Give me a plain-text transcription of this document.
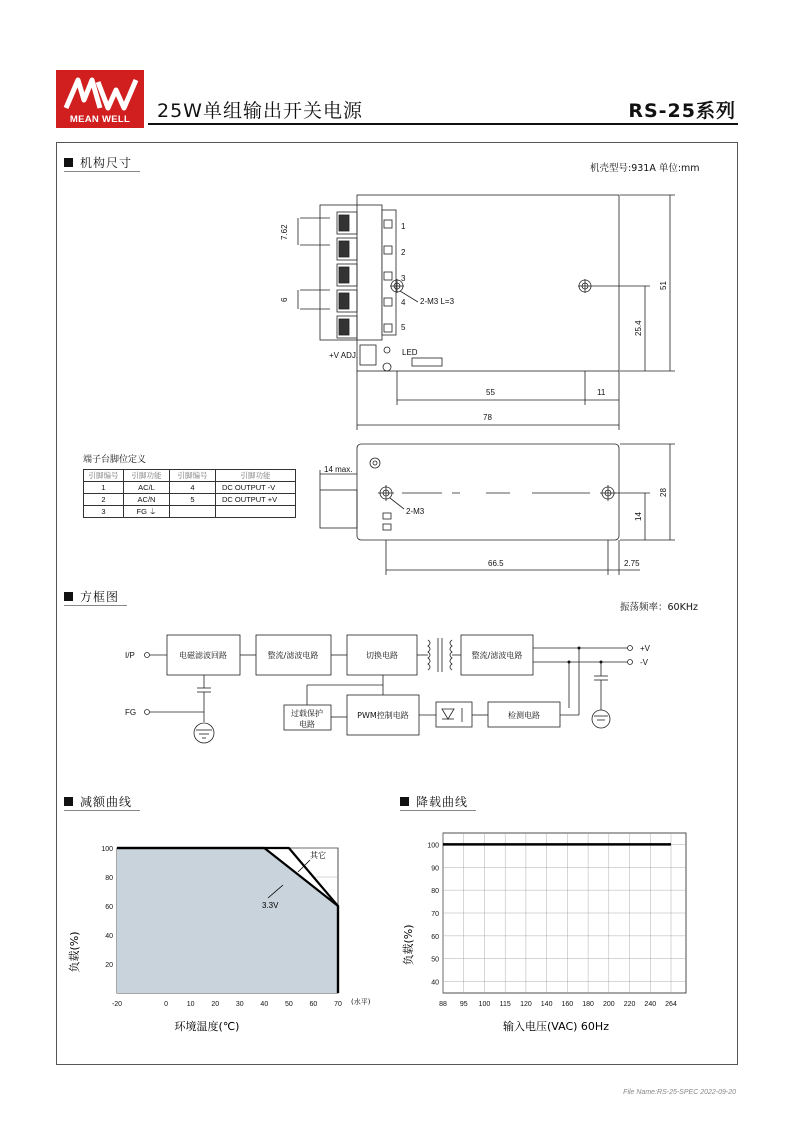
MEAN WELL	25W单组输出开关电源	RS-25系列
机构尺寸	机壳型号:931A 单位:mm
1
2
3
4
5
2-M3 L=3
+V ADJ.	LED
7.62
6
51
25.4
55	11
78
14 max.
2-M3
28
14
66.5	2.75
端子台脚位定义
引脚编号	引脚功能	引脚编号	引脚功能
1	AC/L	4	DC OUTPUT -V
2	AC/N	5	DC OUTPUT +V
3	FG ⏚		
方框图
振荡频率：60KHz
I/P
FG
+V
-V
电磁滤波回路	整流/滤波电路	切换电路	整流/滤波电路
过载保护
电路
PWM控制电路	检测电路
减额曲线	降载曲线
-20	0	10 20 30 40 50 60 70
20
40
60
80
100
负载(%)
环境温度(℃)
(水平)
其它
3.3V
88 95 100 115 120 140 160 180 200 220 240 264
40
50
60
70
80
90
100
负载(%)
输入电压(VAC) 60Hz
File Name:RS-25-SPEC 2022-09-20
